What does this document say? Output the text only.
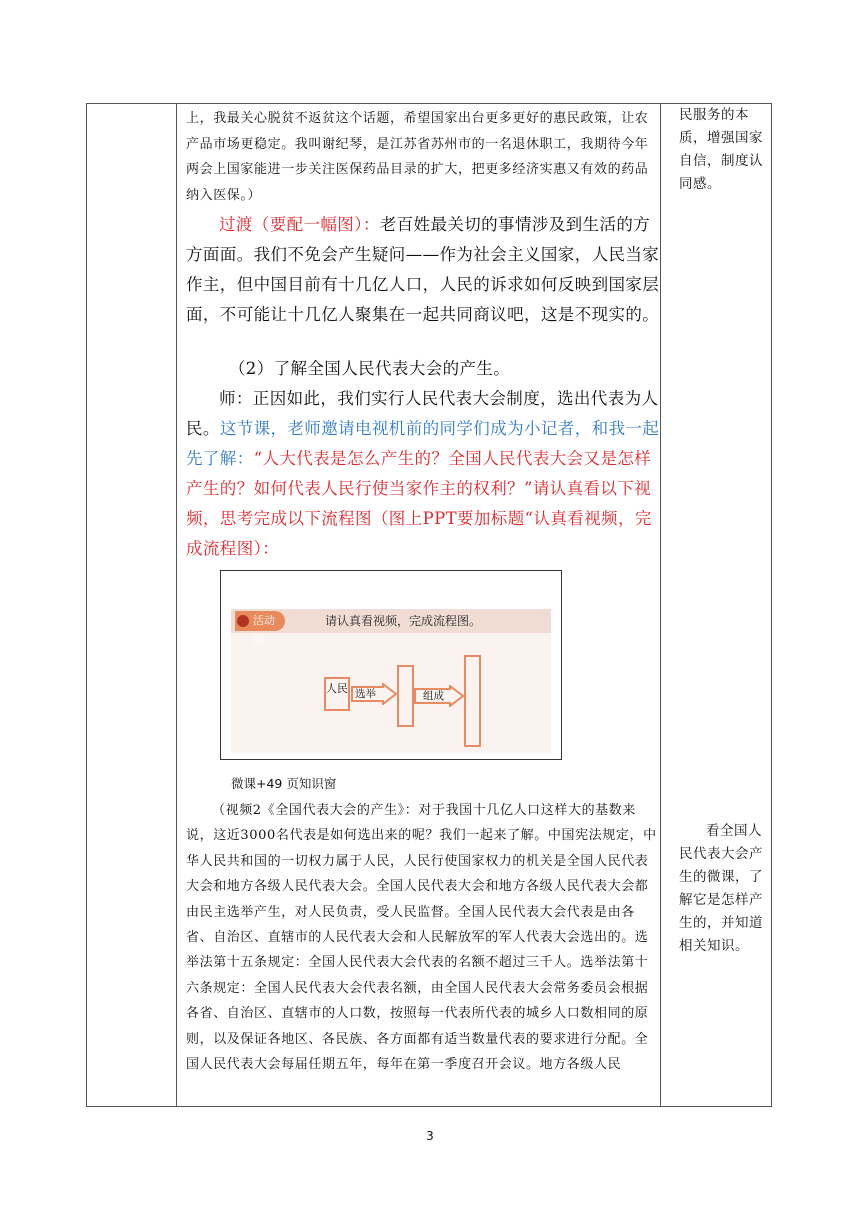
上，我最关心脱贫不返贫这个话题，希望国家出台更多更好的惠民政策，让农产品市场更稳定。我叫谢纪琴，是江苏省苏州市的一名退休职工，我期待今年两会上国家能进一步关注医保药品目录的扩大，把更多经济实惠又有效的药品纳入医保。）
过渡（要配一幅图）：老百姓最关切的事情涉及到生活的方方面面。我们不免会产生疑问——作为社会主义国家，人民当家作主，但中国目前有十几亿人口，人民的诉求如何反映到国家层面，不可能让十几亿人聚集在一起共同商议吧，这是不现实的。
（2）了解全国人民代表大会的产生。
师：正因如此，我们实行人民代表大会制度，选出代表为人民。这节课，老师邀请电视机前的同学们成为小记者，和我一起先了解：“人大代表是怎么产生的？全国人民代表大会又是怎样产生的？如何代表人民行使当家作主的权利？”请认真看以下视频，思考完成以下流程图（图上PPT要加标题“认真看视频，完成流程图）：
活动园
请认真看视频，完成流程图。
人民 选举	组成
微课+49 页知识窗
（视频2《全国代表大会的产生》：对于我国十几亿人口这样大的基数来说，这近3000名代表是如何选出来的呢？我们一起来了解。中国宪法规定，中华人民共和国的一切权力属于人民，人民行使国家权力的机关是全国人民代表大会和地方各级人民代表大会。全国人民代表大会和地方各级人民代表大会都由民主选举产生，对人民负责，受人民监督。全国人民代表大会代表是由各省、自治区、直辖市的人民代表大会和人民解放军的军人代表大会选出的。选举法第十五条规定：全国人民代表大会代表的名额不超过三千人。选举法第十六条规定：全国人民代表大会代表名额，由全国人民代表大会常务委员会根据各省、自治区、直辖市的人口数，按照每一代表所代表的城乡人口数相同的原则，以及保证各地区、各民族、各方面都有适当数量代表的要求进行分配。全国人民代表大会每届任期五年，每年在第一季度召开会议。地方各级人民
民服务的本质，增强国家自信，制度认同感。
看全国人民代表大会产生的微课，了解它是怎样产生的，并知道相关知识。
3
